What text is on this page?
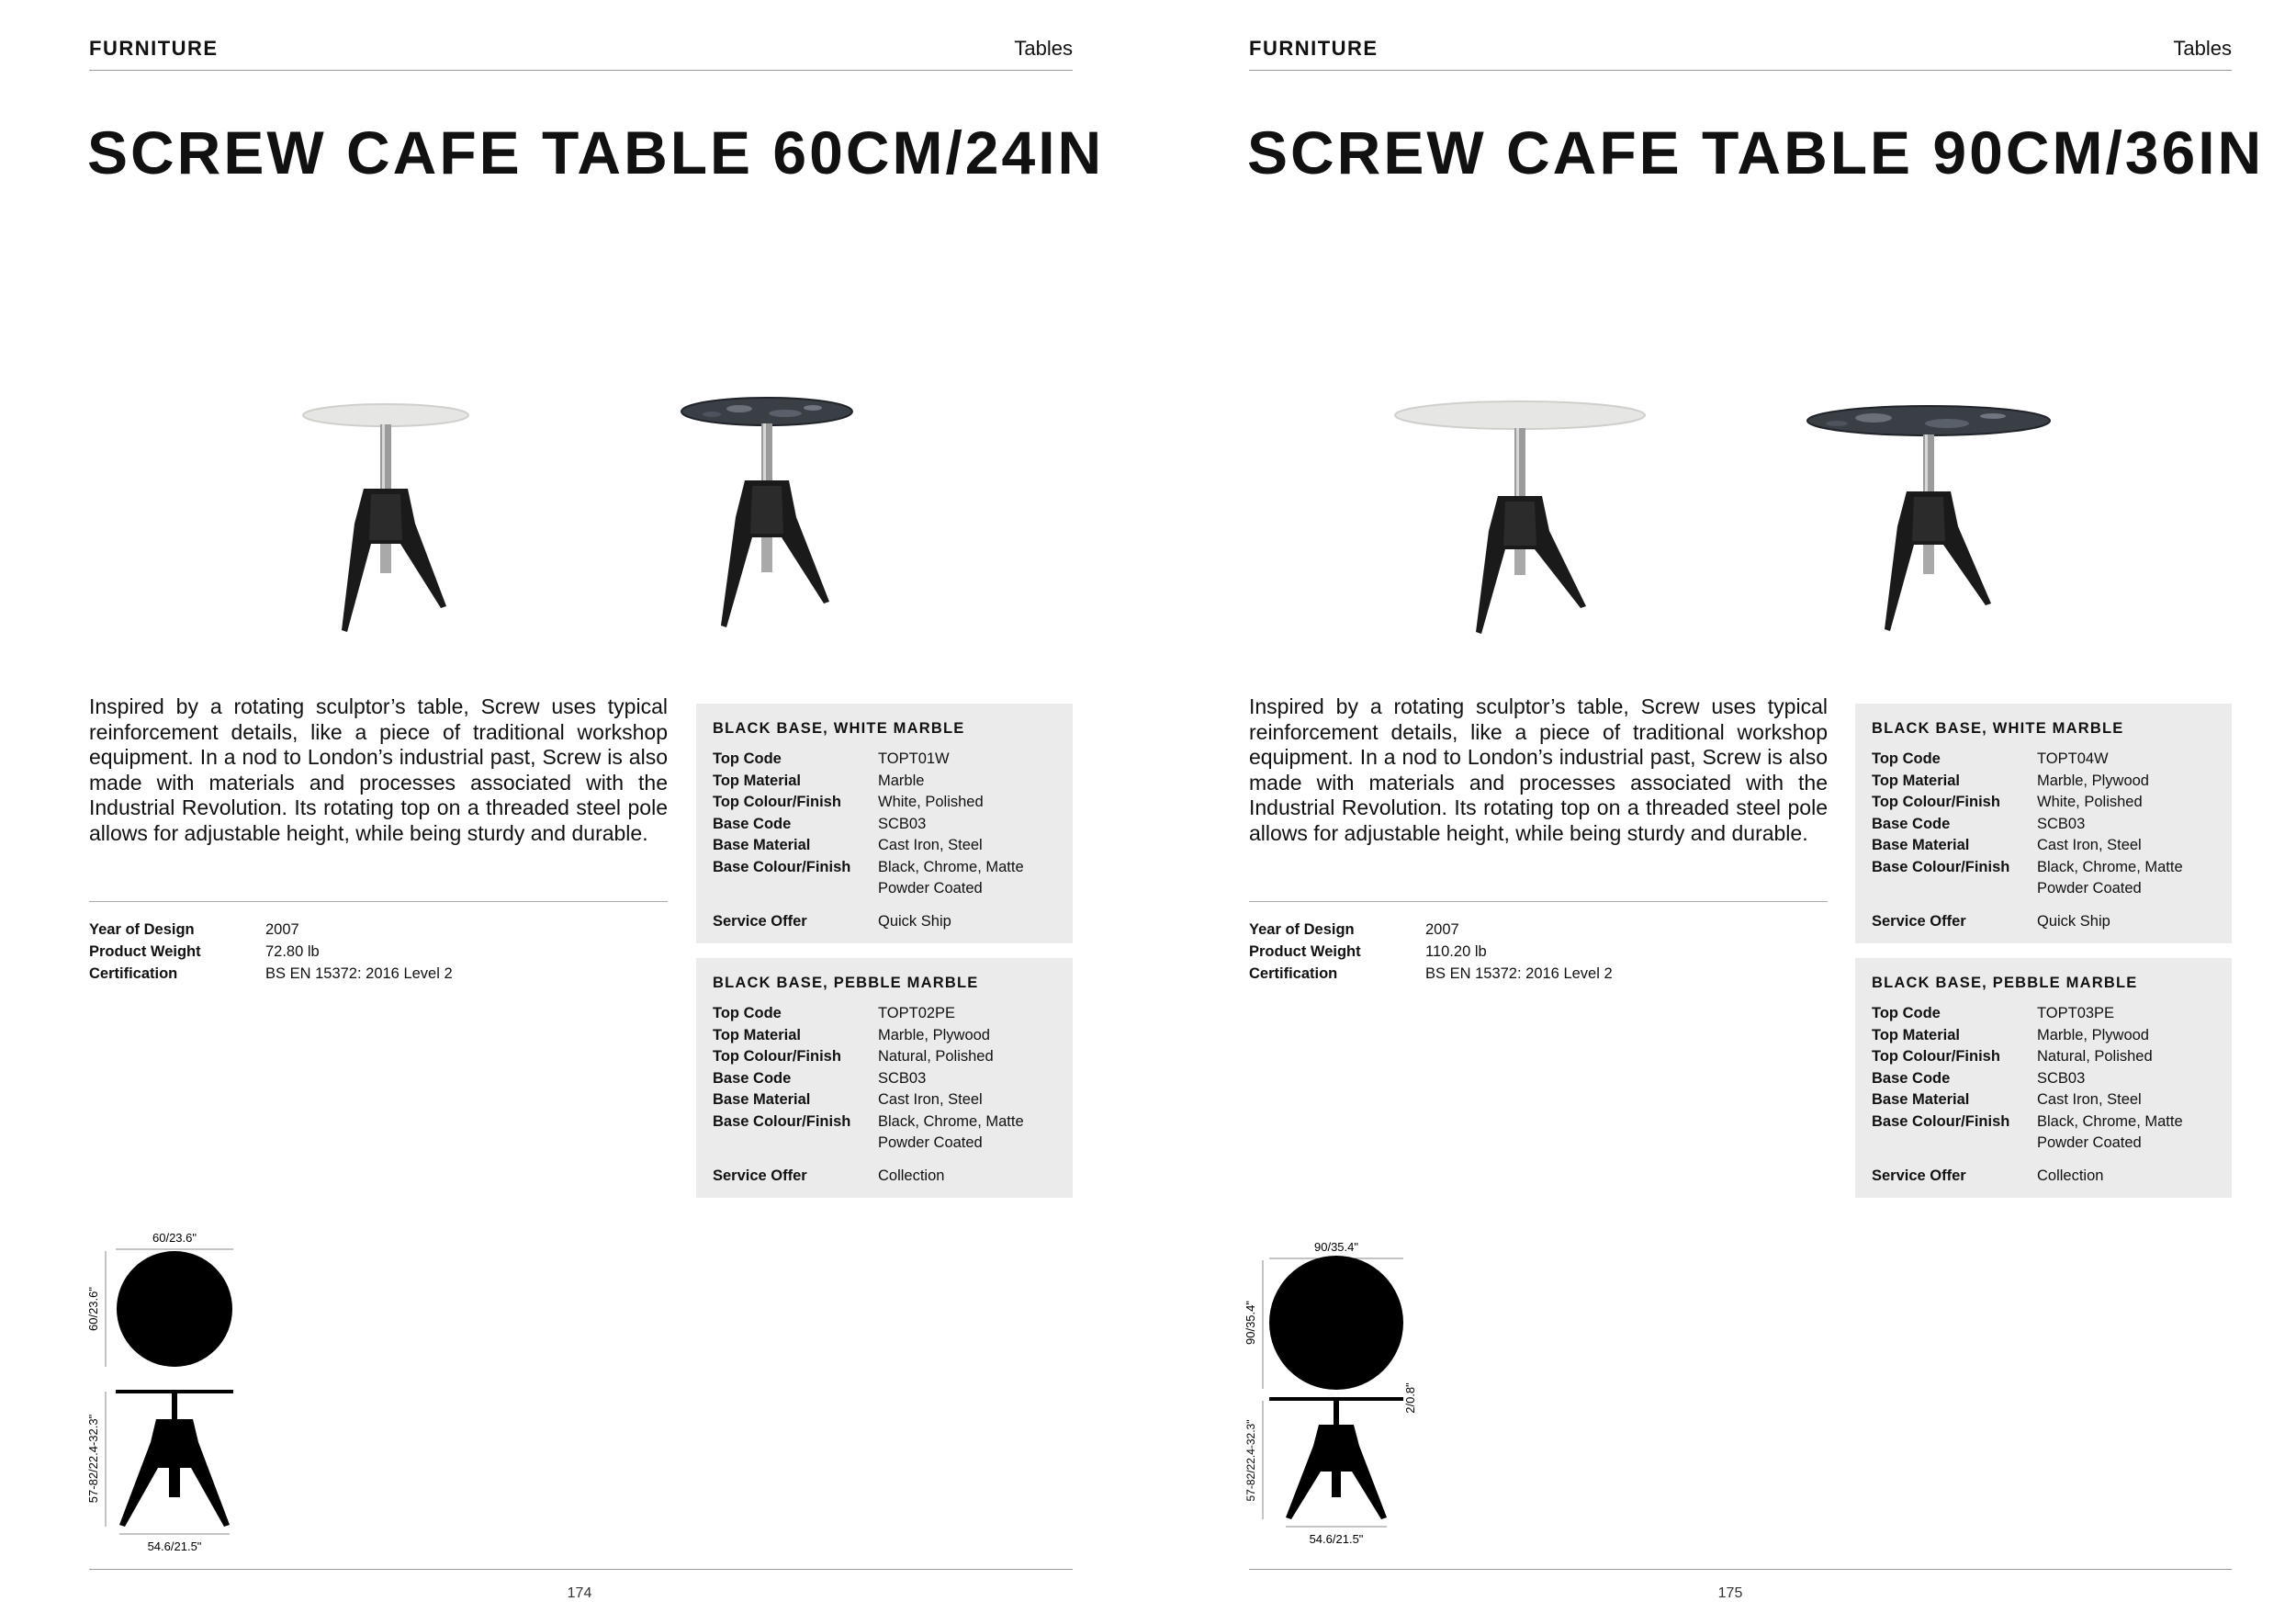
FURNITURE	Tables
SCREW CAFE TABLE 60CM/24IN
Inspired by a rotating sculptor’s table, Screw uses typical reinforcement details, like a piece of traditional workshop equipment. In a nod to London’s industrial past, Screw is also made with materials and processes associated with the Industrial Revolution. Its rotating top on a threaded steel pole allows for adjustable height, while being sturdy and durable.
Year of Design	2007
Product Weight	72.80 lb
Certification	BS EN 15372: 2016 Level 2
BLACK BASE, WHITE MARBLE
Top Code	TOPT01W
Top Material	Marble
Top Colour/Finish	White, Polished
Base Code	SCB03
Base Material	Cast Iron, Steel
Base Colour/Finish	Black, Chrome, Matte Powder Coated
Service Offer	Quick Ship
BLACK BASE, PEBBLE MARBLE
Top Code	TOPT02PE
Top Material	Marble, Plywood
Top Colour/Finish	Natural, Polished
Base Code	SCB03
Base Material	Cast Iron, Steel
Base Colour/Finish	Black, Chrome, Matte Powder Coated
Service Offer	Collection
60/23.6"
60/23.6"
57-82/22.4-32.3"
54.6/21.5"
174
FURNITURE	Tables
SCREW CAFE TABLE 90CM/36IN
Inspired by a rotating sculptor’s table, Screw uses typical reinforcement details, like a piece of traditional workshop equipment. In a nod to London’s industrial past, Screw is also made with materials and processes associated with the Industrial Revolution. Its rotating top on a threaded steel pole allows for adjustable height, while being sturdy and durable.
Year of Design	2007
Product Weight	110.20 lb
Certification	BS EN 15372: 2016 Level 2
BLACK BASE, WHITE MARBLE
Top Code	TOPT04W
Top Material	Marble, Plywood
Top Colour/Finish	White, Polished
Base Code	SCB03
Base Material	Cast Iron, Steel
Base Colour/Finish	Black, Chrome, Matte Powder Coated
Service Offer	Quick Ship
BLACK BASE, PEBBLE MARBLE
Top Code	TOPT03PE
Top Material	Marble, Plywood
Top Colour/Finish	Natural, Polished
Base Code	SCB03
Base Material	Cast Iron, Steel
Base Colour/Finish	Black, Chrome, Matte Powder Coated
Service Offer	Collection
90/35.4"
90/35.4"
2/0.8"
57-82/22.4-32.3"
54.6/21.5"
175
